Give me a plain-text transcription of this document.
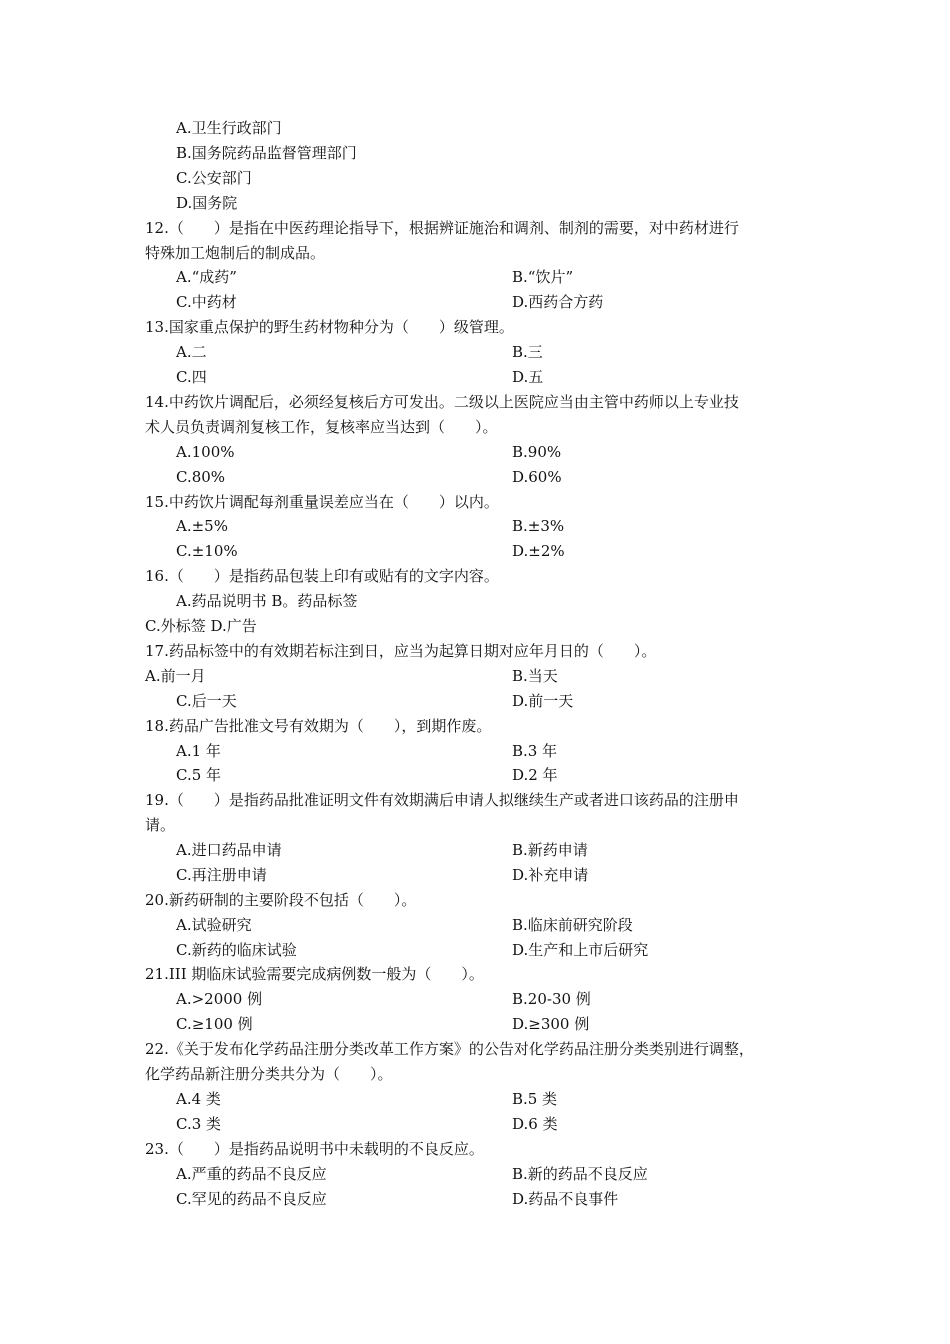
A.卫生行政部门
B.国务院药品监督管理部门
C.公安部门
D.国务院
12.（　　）是指在中医药理论指导下，根据辨证施治和调剂、制剂的需要，对中药材进行
特殊加工炮制后的制成品。
A.“成药”	B.“饮片”
C.中药材	D.西药合方药
13.国家重点保护的野生药材物种分为（　　）级管理。
A.二	B.三
C.四	D.五
14.中药饮片调配后，必须经复核后方可发出。二级以上医院应当由主管中药师以上专业技
术人员负责调剂复核工作，复核率应当达到（　　）。
A.100%	B.90%
C.80%	D.60%
15.中药饮片调配每剂重量误差应当在（　　）以内。
A.±5%	B.±3%
C.±10%	D.±2%
16.（　　）是指药品包装上印有或贴有的文字内容。
A.药品说明书 B。药品标签
C.外标签 D.广告
17.药品标签中的有效期若标注到日，应当为起算日期对应年月日的（　　）。
A.前一月	B.当天
C.后一天	D.前一天
18.药品广告批准文号有效期为（　　），到期作废。
A.1 年	B.3 年
C.5 年	D.2 年
19.（　　）是指药品批准证明文件有效期满后申请人拟继续生产或者进口该药品的注册申
请。
A.进口药品申请	B.新药申请
C.再注册申请	D.补充申请
20.新药研制的主要阶段不包括（　　）。
A.试验研究	B.临床前研究阶段
C.新药的临床试验	D.生产和上市后研究
21.III 期临床试验需要完成病例数一般为（　　）。
A.>2000 例	B.20-30 例
C.≥100 例	D.≥300 例
22.《关于发布化学药品注册分类改革工作方案》的公告对化学药品注册分类类别进行调整，
化学药品新注册分类共分为（　　）。
A.4 类	B.5 类
C.3 类	D.6 类
23.（　　）是指药品说明书中未载明的不良反应。
A.严重的药品不良反应	B.新的药品不良反应
C.罕见的药品不良反应	D.药品不良事件
